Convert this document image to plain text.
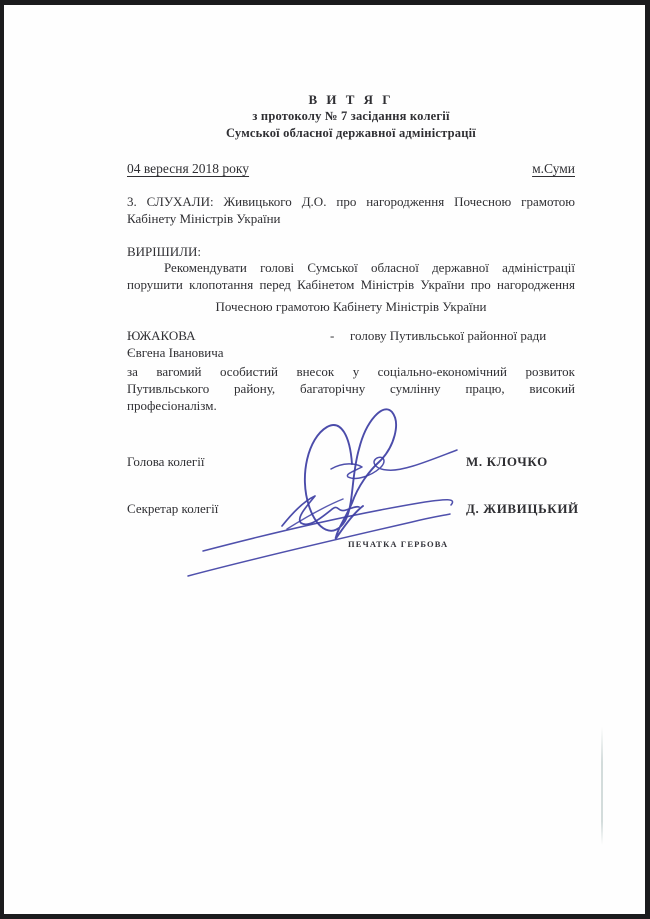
В И Т Я Г
з протоколу № 7 засідання колегії
Сумської обласної державної адміністрації
04 вересня 2018 року	м.Суми
3. СЛУХАЛИ: Живицького Д.О. про нагородження Почесною грамотою
Кабінету Міністрів України
ВИРІШИЛИ:
Рекомендувати голові Сумської обласної державної адміністрації
порушити клопотання перед Кабінетом Міністрів України про нагородження
Почесною грамотою Кабінету Міністрів України
ЮЖАКОВА	-	голову Путивльської районної ради
Євгена Івановича
за вагомий особистий внесок у соціально-економічний розвиток
Путивльського району, багаторічну сумлінну працю, високий
професіоналізм.
Голова колегії	М. КЛОЧКО
Секретар колегії	Д. ЖИВИЦЬКИЙ
ПЕЧАТКА ГЕРБОВА
